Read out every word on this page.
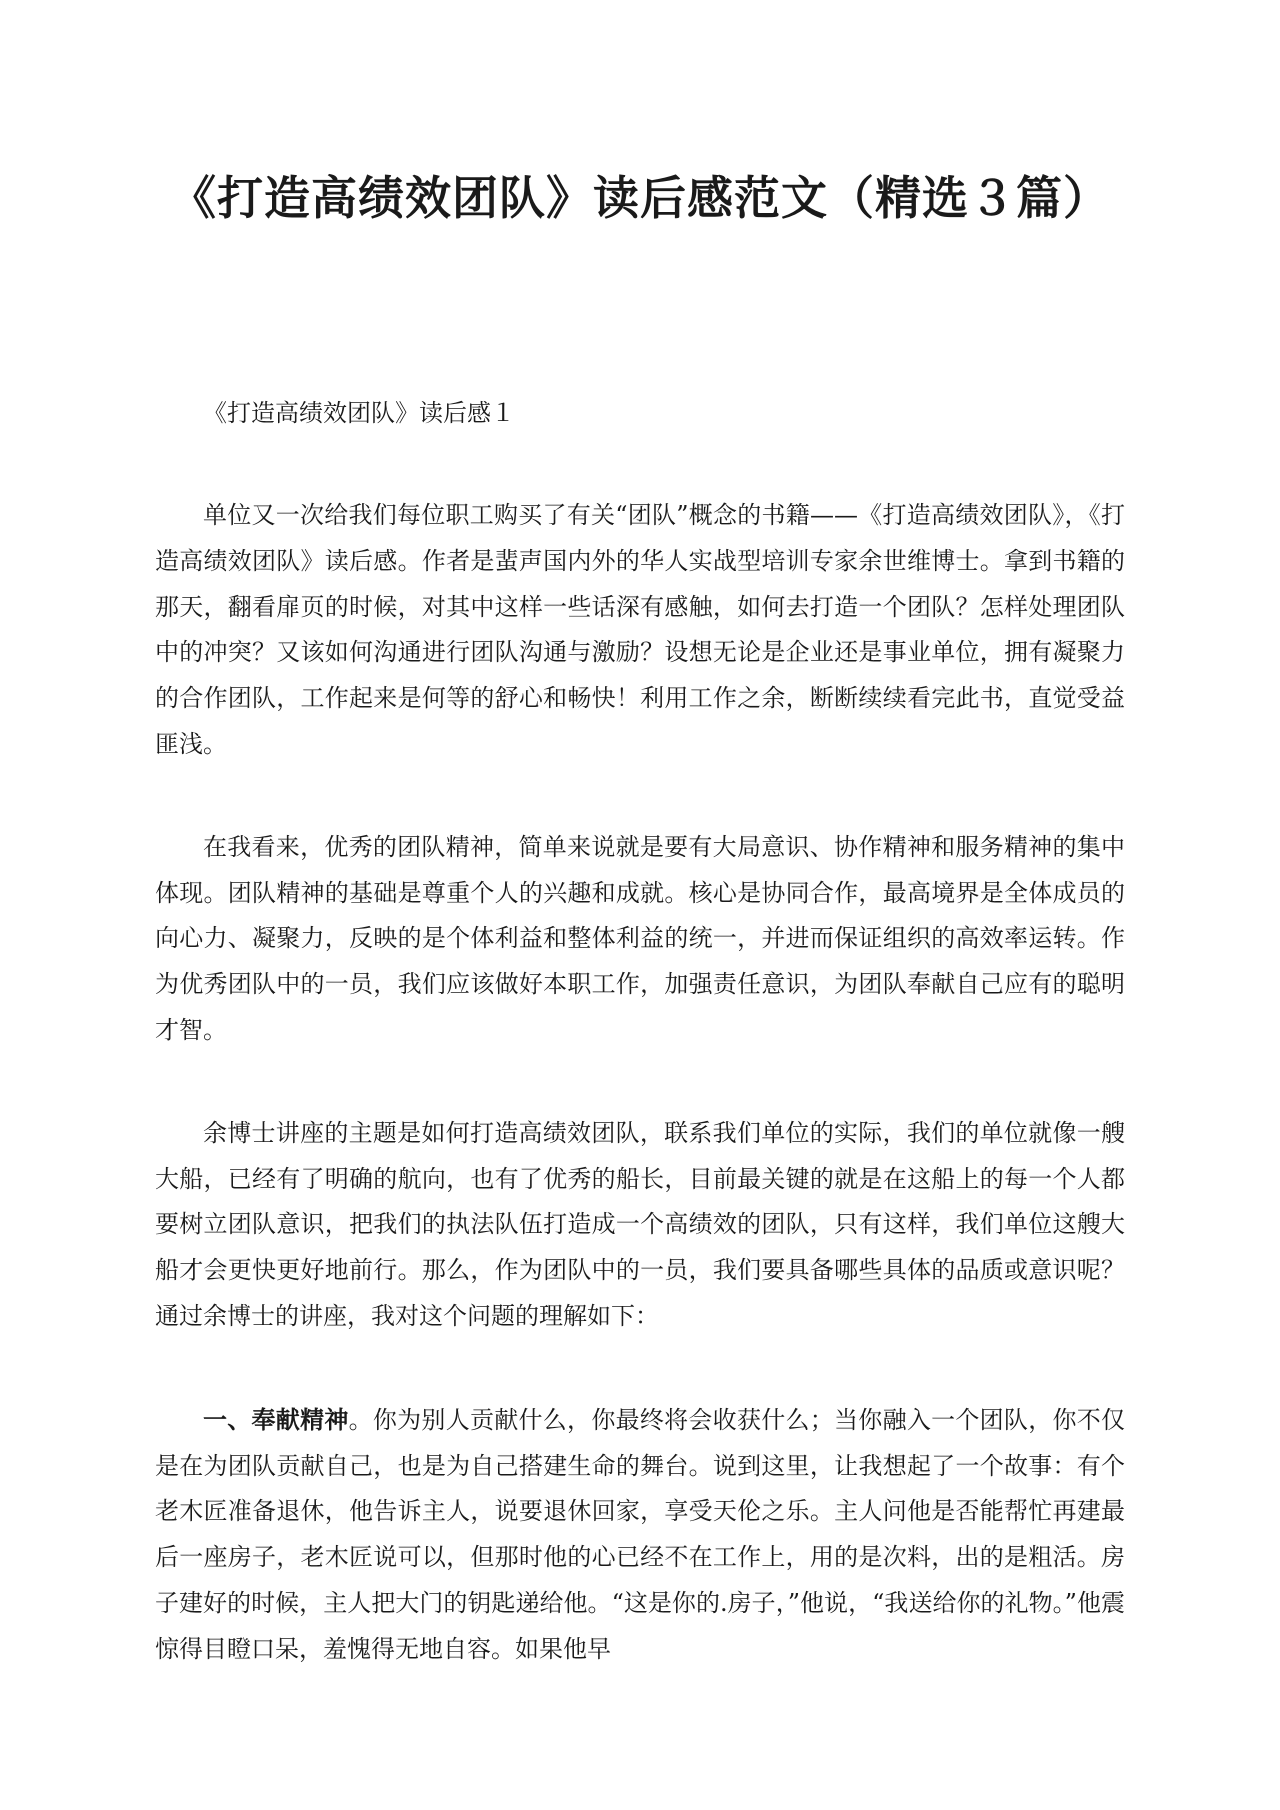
《打造高绩效团队》读后感范文（精选３篇）
《打造高绩效团队》读后感１

单位又一次给我们每位职工购买了有关“团队”概念的书籍——《打造高绩效团队》，《打造高绩效团队》读后感。作者是蜚声国内外的华人实战型培训专家余世维博士。拿到书籍的那天，翻看扉页的时候，对其中这样一些话深有感触，如何去打造一个团队？怎样处理团队中的冲突？又该如何沟通进行团队沟通与激励？设想无论是企业还是事业单位，拥有凝聚力的合作团队，工作起来是何等的舒心和畅快！利用工作之余，断断续续看完此书，直觉受益匪浅。

在我看来，优秀的团队精神，简单来说就是要有大局意识、协作精神和服务精神的集中体现。团队精神的基础是尊重个人的兴趣和成就。核心是协同合作，最高境界是全体成员的向心力、凝聚力，反映的是个体利益和整体利益的统一，并进而保证组织的高效率运转。作为优秀团队中的一员，我们应该做好本职工作，加强责任意识，为团队奉献自己应有的聪明才智。

余博士讲座的主题是如何打造高绩效团队，联系我们单位的实际，我们的单位就像一艘大船，已经有了明确的航向，也有了优秀的船长，目前最关键的就是在这船上的每一个人都要树立团队意识，把我们的执法队伍打造成一个高绩效的团队，只有这样，我们单位这艘大船才会更快更好地前行。那么，作为团队中的一员，我们要具备哪些具体的品质或意识呢？通过余博士的讲座，我对这个问题的理解如下：

一、奉献精神。你为别人贡献什么，你最终将会收获什么；当你融入一个团队，你不仅是在为团队贡献自己，也是为自己搭建生命的舞台。说到这里，让我想起了一个故事：有个老木匠准备退休，他告诉主人，说要退休回家，享受天伦之乐。主人问他是否能帮忙再建最后一座房子，老木匠说可以，但那时他的心已经不在工作上，用的是次料，出的是粗活。房子建好的时候，主人把大门的钥匙递给他。“这是你的.房子，”他说，“我送给你的礼物。”他震惊得目瞪口呆，羞愧得无地自容。如果他早
